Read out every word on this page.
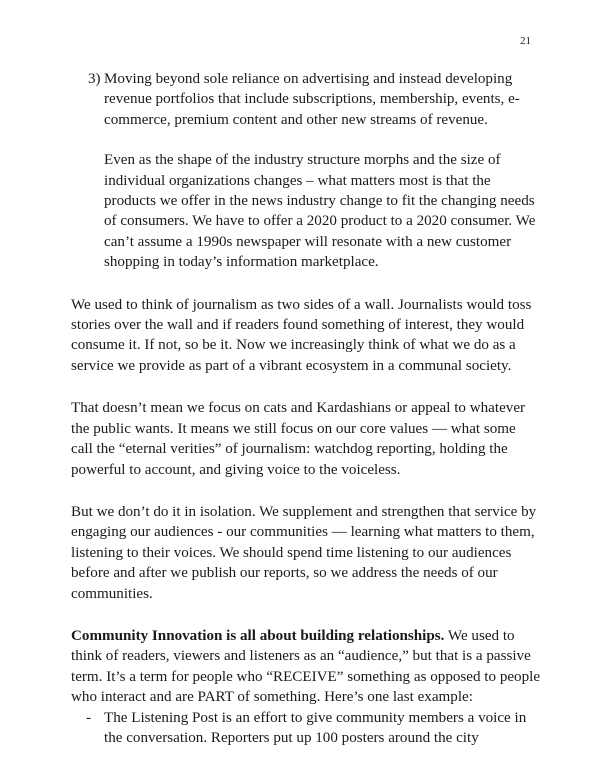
21
3) Moving beyond sole reliance on advertising and instead developing revenue portfolios that include subscriptions, membership, events, e-commerce, premium content and other new streams of revenue.

Even as the shape of the industry structure morphs and the size of individual organizations changes – what matters most is that the products we offer in the news industry change to fit the changing needs of consumers. We have to offer a 2020 product to a 2020 consumer. We can’t assume a 1990s newspaper will resonate with a new customer shopping in today’s information marketplace.

We used to think of journalism as two sides of a wall. Journalists would toss stories over the wall and if readers found something of interest, they would consume it. If not, so be it. Now we increasingly think of what we do as a service we provide as part of a vibrant ecosystem in a communal society.

That doesn’t mean we focus on cats and Kardashians or appeal to whatever the public wants. It means we still focus on our core values — what some call the “eternal verities” of journalism: watchdog reporting, holding the powerful to account, and giving voice to the voiceless.

But we don’t do it in isolation. We supplement and strengthen that service by engaging our audiences - our communities — learning what matters to them, listening to their voices. We should spend time listening to our audiences before and after we publish our reports, so we address the needs of our communities.

Community Innovation is all about building relationships. We used to think of readers, viewers and listeners as an “audience,” but that is a passive term. It’s a term for people who “RECEIVE” something as opposed to people who interact and are PART of something. Here’s one last example:

- The Listening Post is an effort to give community members a voice in the conversation. Reporters put up 100 posters around the city
